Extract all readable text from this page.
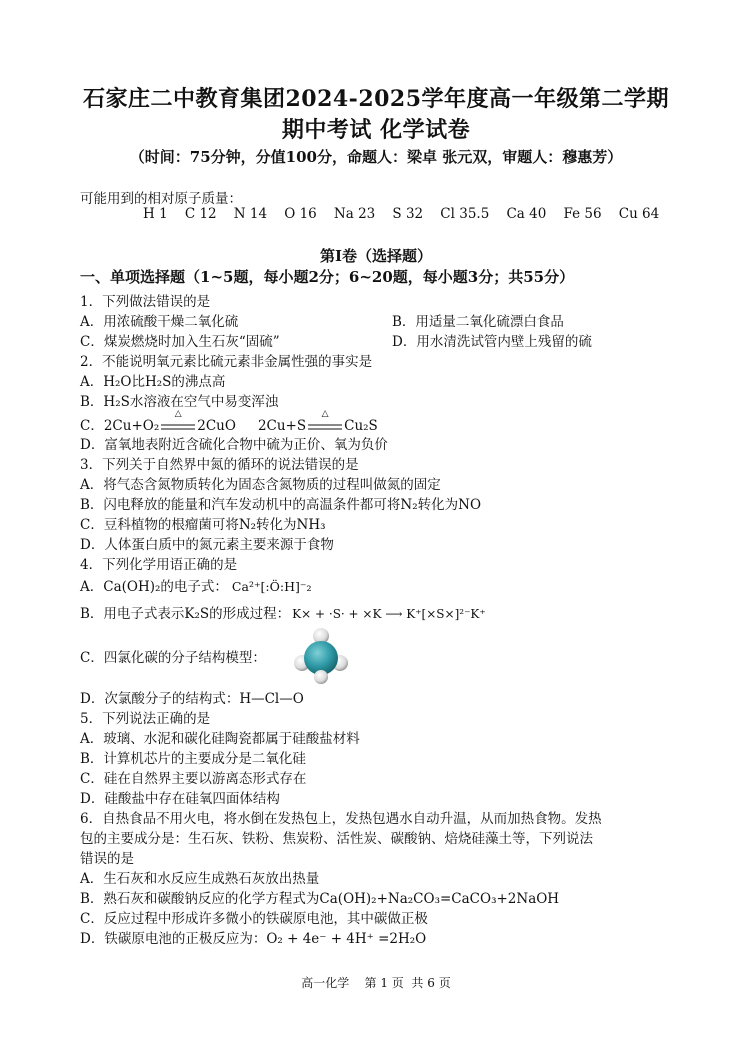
石家庄二中教育集团2024-2025学年度高一年级第二学期
期中考试 化学试卷
（时间：75分钟，分值100分，命题人：梁卓 张元双，审题人：穆惠芳）
可能用到的相对原子质量：
H 1    C 12    N 14    O 16    Na 23    S 32    Cl 35.5    Ca 40    Fe 56    Cu 64
第Ⅰ卷（选择题）
一、单项选择题（1~5题，每小题2分；6~20题，每小题3分；共55分）
1．下列做法错误的是
A．用浓硫酸干燥二氧化硫	B．用适量二氧化硫漂白食品
C．煤炭燃烧时加入生石灰“固硫”	D．用水清洗试管内壁上残留的硫
2．不能说明氧元素比硫元素非金属性强的事实是
A．H₂O比H₂S的沸点高
B．H₂S水溶液在空气中易变浑浊
C．2Cu+O₂
△
2CuO 2Cu+S
△
Cu₂S
D．富氧地表附近含硫化合物中硫为正价、氧为负价
3．下列关于自然界中氮的循环的说法错误的是
A．将气态含氮物质转化为固态含氮物质的过程叫做氮的固定
B．闪电释放的能量和汽车发动机中的高温条件都可将N₂转化为NO
C．豆科植物的根瘤菌可将N₂转化为NH₃
D．人体蛋白质中的氮元素主要来源于食物
4．下列化学用语正确的是
A．Ca(OH)₂的电子式： Ca²⁺[:Ö:H]⁻₂
B．用电子式表示K₂S的形成过程： K× + ·S· + ×K ⟶ K⁺[×S×]²⁻K⁺
C．四氯化碳的分子结构模型：
D．次氯酸分子的结构式：H—Cl—O
5．下列说法正确的是
A．玻璃、水泥和碳化硅陶瓷都属于硅酸盐材料
B．计算机芯片的主要成分是二氧化硅
C．硅在自然界主要以游离态形式存在
D．硅酸盐中存在硅氧四面体结构
6．自热食品不用火电，将水倒在发热包上，发热包遇水自动升温，从而加热食物。发热
包的主要成分是：生石灰、铁粉、焦炭粉、活性炭、碳酸钠、焙烧硅藻土等，下列说法
错误的是
A．生石灰和水反应生成熟石灰放出热量
B．熟石灰和碳酸钠反应的化学方程式为Ca(OH)₂+Na₂CO₃=CaCO₃+2NaOH
C．反应过程中形成许多微小的铁碳原电池，其中碳做正极
D．铁碳原电池的正极反应为：O₂ + 4e⁻ + 4H⁺ =2H₂O
高一化学    第 1 页  共 6 页
